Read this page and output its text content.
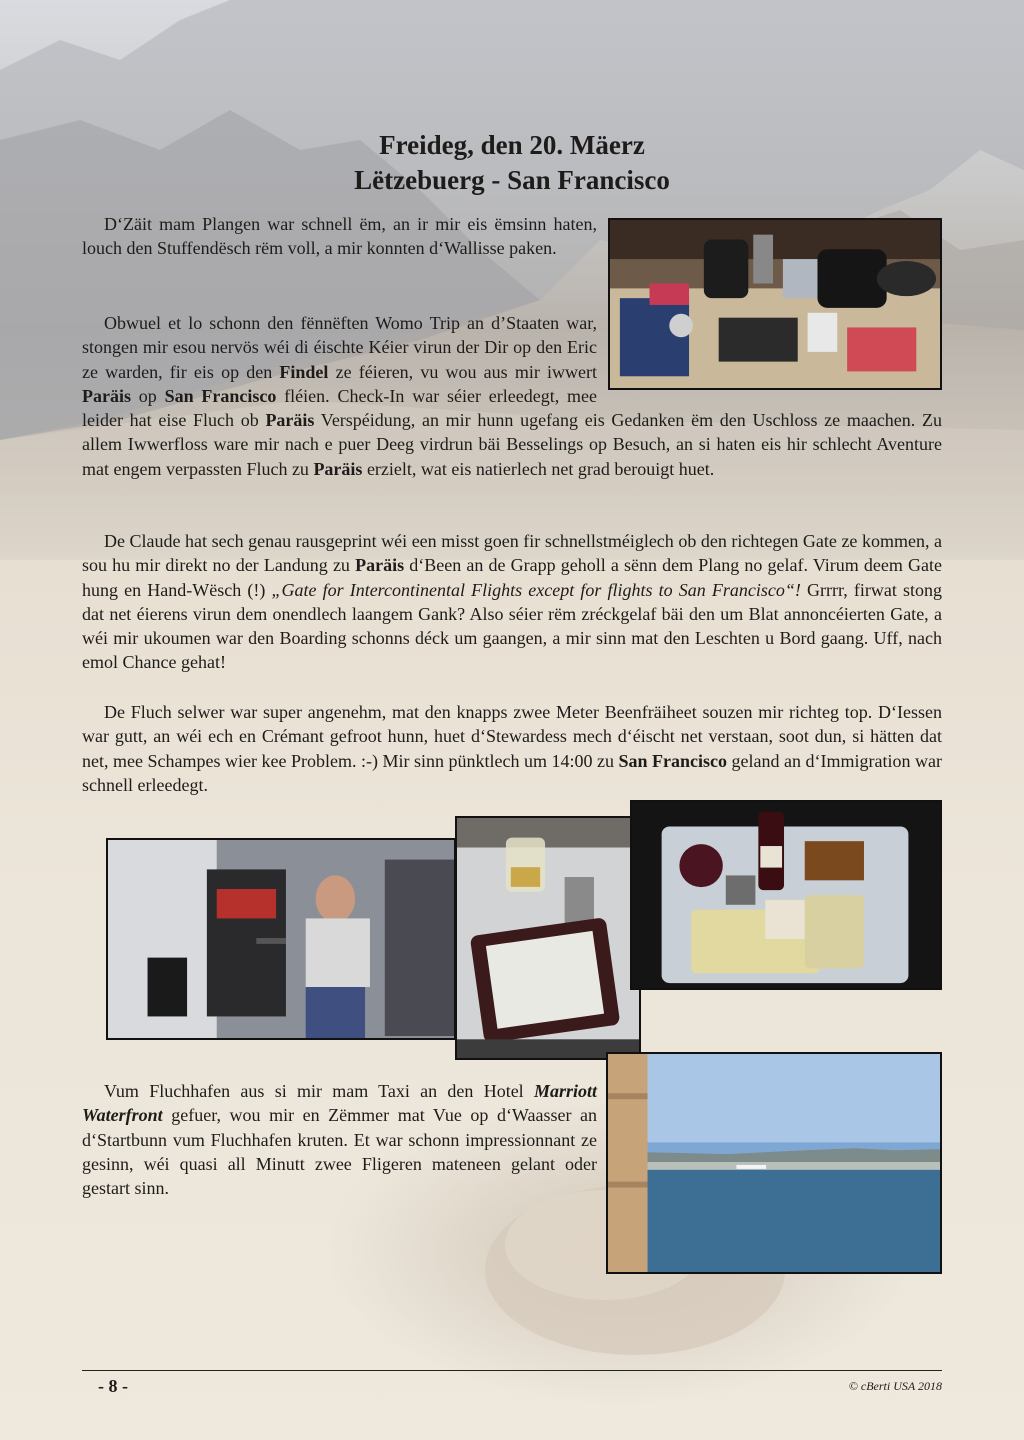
Freideg, den 20. Mäerz
Lëtzebuerg - San Francisco

D‘Zäit mam Plangen war schnell ëm, an ir mir eis ëmsinn haten, louch den Stuffendësch rëm voll, a mir konnten d‘Wallisse paken.

Obwuel et lo schonn den fënnëften Womo Trip an d’Staaten war, stongen mir esou nervös wéi di éischte Kéier virun der Dir op den Eric ze warden, fir eis op den Findel ze féieren, vu wou aus mir iwwert Paräis op San Francisco fléien. Check-In war séier erleedegt, mee leider hat eise Fluch ob Paräis Verspéidung, an mir hunn ugefang eis Gedanken ëm den Uschloss ze maachen. Zu allem Iwwerfloss ware mir nach e puer Deeg virdrun bäi Besselings op Besuch, an si haten eis hir schlecht Aventure mat engem verpassten Fluch zu Paräis erzielt, wat eis natierlech net grad berouigt huet.

De Claude hat sech genau rausgeprint wéi een misst goen fir schnellstméiglech ob den richtegen Gate ze kommen, a sou hu mir direkt no der Landung zu Paräis d‘Been an de Grapp geholl a sënn dem Plang no gelaf. Virum deem Gate hung en Hand-Wësch (!) „Gate for Intercontinental Flights except for flights to San Francisco“! Grrrr, firwat stong dat net éierens virun dem onendlech laangem Gank? Also séier rëm zréckgelaf bäi den um Blat annoncéierten Gate, a wéi mir ukoumen war den Boarding schonns déck um gaangen, a mir sinn mat den Leschten u Bord gaang. Uff, nach emol Chance gehat!

De Fluch selwer war super angenehm, mat den knapps zwee Meter Beenfräiheet souzen mir richteg top. D‘Iessen war gutt, an wéi ech en Crémant gefroot hunn, huet d‘Stewardess mech d‘éischt net verstaan, soot dun, si hätten dat net, mee Schampes wier kee Problem. :-) Mir sinn pünktlech um 14:00 zu San Francisco geland an d‘Immigration war schnell erleedegt.

Vum Fluchhafen aus si mir mam Taxi an den Hotel Marriott Waterfront gefuer, wou mir en Zëmmer mat Vue op d‘Waasser an d‘Startbunn vum Fluchhafen kruten. Et war schonn impressionnant ze gesinn, wéi quasi all Minutt zwee Fligeren mateneen gelant oder gestart sinn.

- 8 -	© cBerti USA 2018
